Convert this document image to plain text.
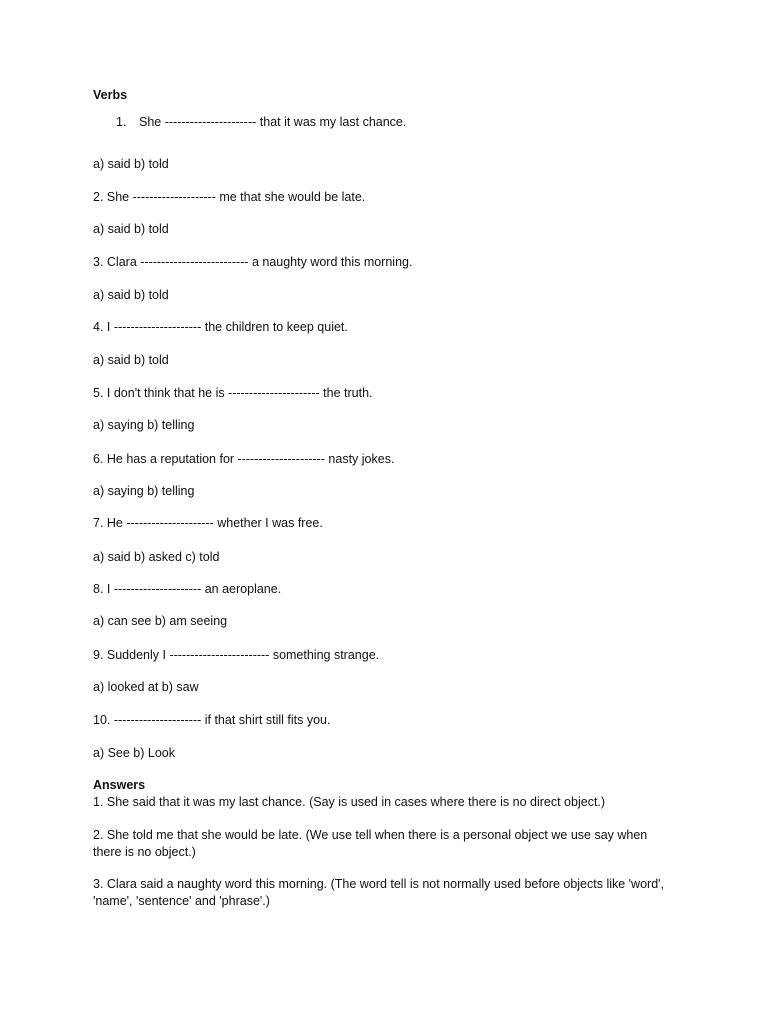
Verbs
1. She ---------------------- that it was my last chance.
a) said b) told
2. She -------------------- me that she would be late.
a) said b) told
3. Clara -------------------------- a naughty word this morning.
a) said b) told
4. I --------------------- the children to keep quiet.
a) said b) told
5. I don't think that he is ---------------------- the truth.
a) saying b) telling
6. He has a reputation for --------------------- nasty jokes.
a) saying b) telling
7. He --------------------- whether I was free.
a) said b) asked c) told
8. I --------------------- an aeroplane.
a) can see b) am seeing
9. Suddenly I ------------------------ something strange.
a) looked at b) saw
10. --------------------- if that shirt still fits you.
a) See b) Look
Answers
1. She said that it was my last chance. (Say is used in cases where there is no direct object.)
2. She told me that she would be late. (We use tell when there is a personal object we use say when there is no object.)
3. Clara said a naughty word this morning. (The word tell is not normally used before objects like 'word', 'name', 'sentence' and 'phrase'.)
